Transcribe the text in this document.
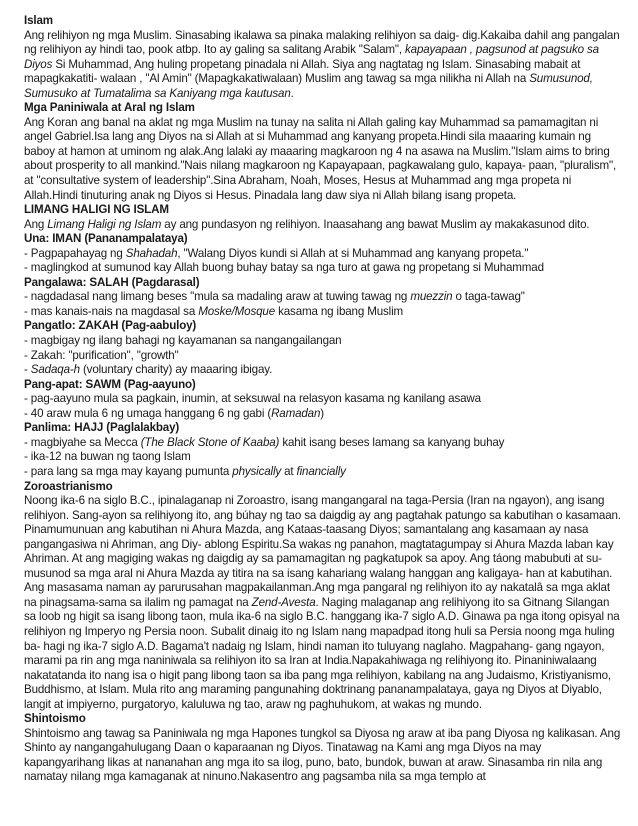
Islam

Ang relihiyon ng mga Muslim. Sinasabing ikalawa sa pinaka malaking relihiyon sa daig- dig.Kakaiba dahil ang pangalan ng relihiyon ay hindi tao, pook atbp. Ito ay galing sa salitang Arabik "Salam", kapayapaan , pagsunod at pagsuko sa Diyos Si Muhammad, Ang huling propetang pinadala ni Allah. Siya ang nagtatag ng Islam. Sinasabing mabait at mapagkakatiti- walaan , "Al Amin" (Mapagkakatiwalaan) Muslim ang tawag sa mga nilikha ni Allah na Sumusunod, Sumusuko at Tumatalima sa Kaniyang mga kautusan.

Mga Paniniwala at Aral ng Islam

Ang Koran ang banal na aklat ng mga Muslim na tunay na salita ni Allah galing kay Muhammad sa pamamagitan ni angel Gabriel.Isa lang ang Diyos na si Allah at si Muhammad ang kanyang propeta.Hindi sila maaaring kumain ng baboy at hamon at uminom ng alak.Ang lalaki ay maaaring magkaroon ng 4 na asawa na Muslim."Islam aims to bring about prosperity to all mankind."Nais nilang magkaroon ng Kapayapaan, pagkawalang gulo, kapaya- paan, "pluralism", at "consultative system of leadership".Sina Abraham, Noah, Moses, Hesus at Muhammad ang mga propeta ni Allah.Hindi tinuturing anak ng Diyos si Hesus. Pinadala lang daw siya ni Allah bilang isang propeta.

LIMANG HALIGI NG ISLAM

Ang Limang Haligi ng Islam ay ang pundasyon ng relihiyon. Inaasahang ang bawat Muslim ay makakasunod dito.

Una: IMAN (Pananampalataya)
- Pagpapahayag ng Shahadah, "Walang Diyos kundi si Allah at si Muhammad ang kanyang propeta."
- maglingkod at sumunod kay Allah buong buhay batay sa nga turo at gawa ng propetang si Muhammad
Pangalawa: SALAH (Pagdarasal)
- nagdadasal nang limang beses "mula sa madaling araw at tuwing tawag ng muezzin o taga-tawag"
- mas kanais-nais na magdasal sa Moske/Mosque kasama ng ibang Muslim
Pangatlo: ZAKAH (Pag-aabuloy)
- magbigay ng ilang bahagi ng kayamanan sa nangangailangan
- Zakah: "purification", "growth"
- Sadaqa-h (voluntary charity) ay maaaring ibigay.
Pang-apat: SAWM (Pag-aayuno)
- pag-aayuno mula sa pagkain, inumin, at seksuwal na relasyon kasama ng kanilang asawa
- 40 araw mula 6 ng umaga hanggang 6 ng gabi (Ramadan)
Panlima: HAJJ (Paglalakbay)
- magbiyahe sa Mecca (The Black Stone of Kaaba) kahit isang beses lamang sa kanyang buhay
- ika-12 na buwan ng taong Islam
- para lang sa mga may kayang pumunta physically at financially
Zoroastrianismo

Noong ika-6 na siglo B.C., ipinalaganap ni Zoroastro, isang mangangaral na taga-Persia (Iran na ngayon), ang isang relihiyon. Sang-ayon sa relihiyong ito, ang búhay ng tao sa daigdig ay ang pagtahak patungo sa kabutihan o kasamaan. Pinamumunuan ang kabutihan ni Ahura Mazda, ang Kataas-taasang Diyos; samantalang ang kasamaan ay nasa pangangasiwa ni Ahriman, ang Diy- ablong Espiritu.Sa wakas ng panahon, magtatagumpay si Ahura Mazda laban kay Ahriman. At ang magiging wakas ng daigdig ay sa pamamagitan ng pagkatupok sa apoy. Ang táong mabubuti at su- musunod sa mga aral ni Ahura Mazda ay titira na sa isang kahariang walang hanggan ang kaligaya- han at kabutihan. Ang masasama naman ay parurusahan magpakailanman.Ang mga pangaral ng relihiyon ito ay nakatalâ sa mga aklat na pinagsama-sama sa ilalim ng pamagat na Zend-Avesta. Naging malaganap ang relihiyong ito sa Gitnang Silangan sa loob ng higit sa isang libong taon, mula ika-6 na siglo B.C. hanggang ika-7 siglo A.D. Ginawa pa nga itong opisyal na relihiyon ng Imperyo ng Persia noon. Subalit dinaig ito ng Islam nang mapadpad itong huli sa Persia noong mga huling ba- hagi ng ika-7 siglo A.D. Bagama't nadaig ng Islam, hindi naman ito tuluyang naglaho. Magpahang- gang ngayon, marami pa rin ang mga naniniwala sa relihiyon ito sa Iran at India.Napakahiwaga ng relihiyong ito. Pinaniniwalaang nakatatanda ito nang isa o higit pang libong taon sa iba pang mga relihiyon, kabilang na ang Judaismo, Kristiyanismo, Buddhismo, at Islam. Mula rito ang maraming pangunahing doktrinang pananampalataya, gaya ng Diyos at Diyablo, langit at impiyerno, purgatoryo, kaluluwa ng tao, araw ng paghuhukom, at wakas ng mundo.

Shintoismo

Shintoismo ang tawag sa Paniniwala ng mga Hapones tungkol sa Diyosa ng araw at iba pang Diyosa ng kalikasan. Ang Shinto ay nangangahulugang Daan o kaparaanan ng Diyos. Tinatawag na Kami ang mga Diyos na may kapangyarihang likas at nananahan ang mga ito sa ilog, puno, bato, bundok, buwan at araw. Sinasamba rin nila ang namatay nilang mga kamaganak at ninuno.Nakasentro ang pagsamba nila sa mga templo at
